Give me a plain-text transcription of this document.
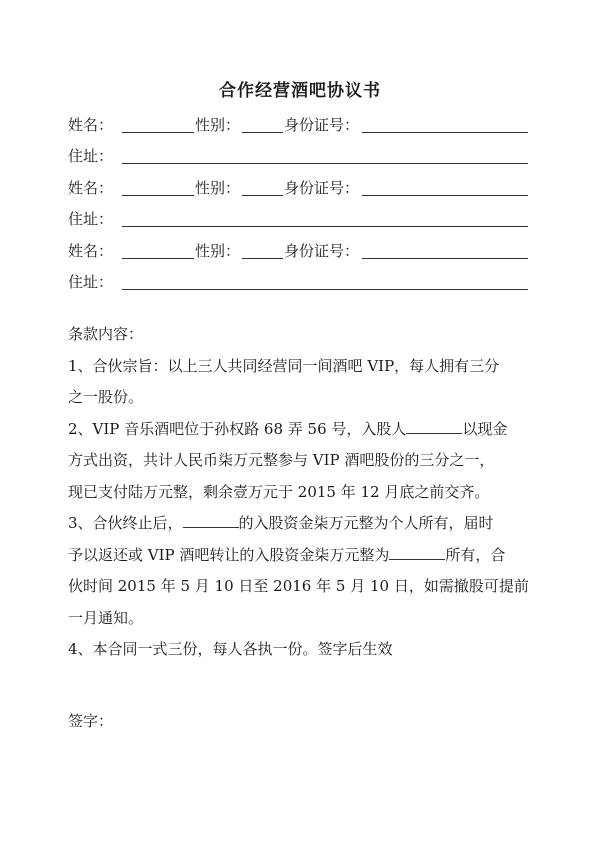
合作经营酒吧协议书
姓名：	性别：	身份证号：
住址：
姓名：	性别：	身份证号：
住址：
姓名：	性别：	身份证号：
住址：
条款内容：
1、合伙宗旨：以上三人共同经营同一间酒吧 VIP，每人拥有三分
之一股份。
2、VIP 音乐酒吧位于孙权路 68 弄 56 号，入股人	以现金
方式出资，共计人民币柒万元整参与 VIP 酒吧股份的三分之一，
现已支付陆万元整，剩余壹万元于 2015 年 12 月底之前交齐。
3、合伙终止后，	的入股资金柒万元整为个人所有，届时
予以返还或 VIP 酒吧转让的入股资金柒万元整为	所有，合
伙时间 2015 年 5 月 10 日至 2016 年 5 月 10 日，如需撤股可提前
一月通知。
4、本合同一式三份，每人各执一份。签字后生效
签字：
